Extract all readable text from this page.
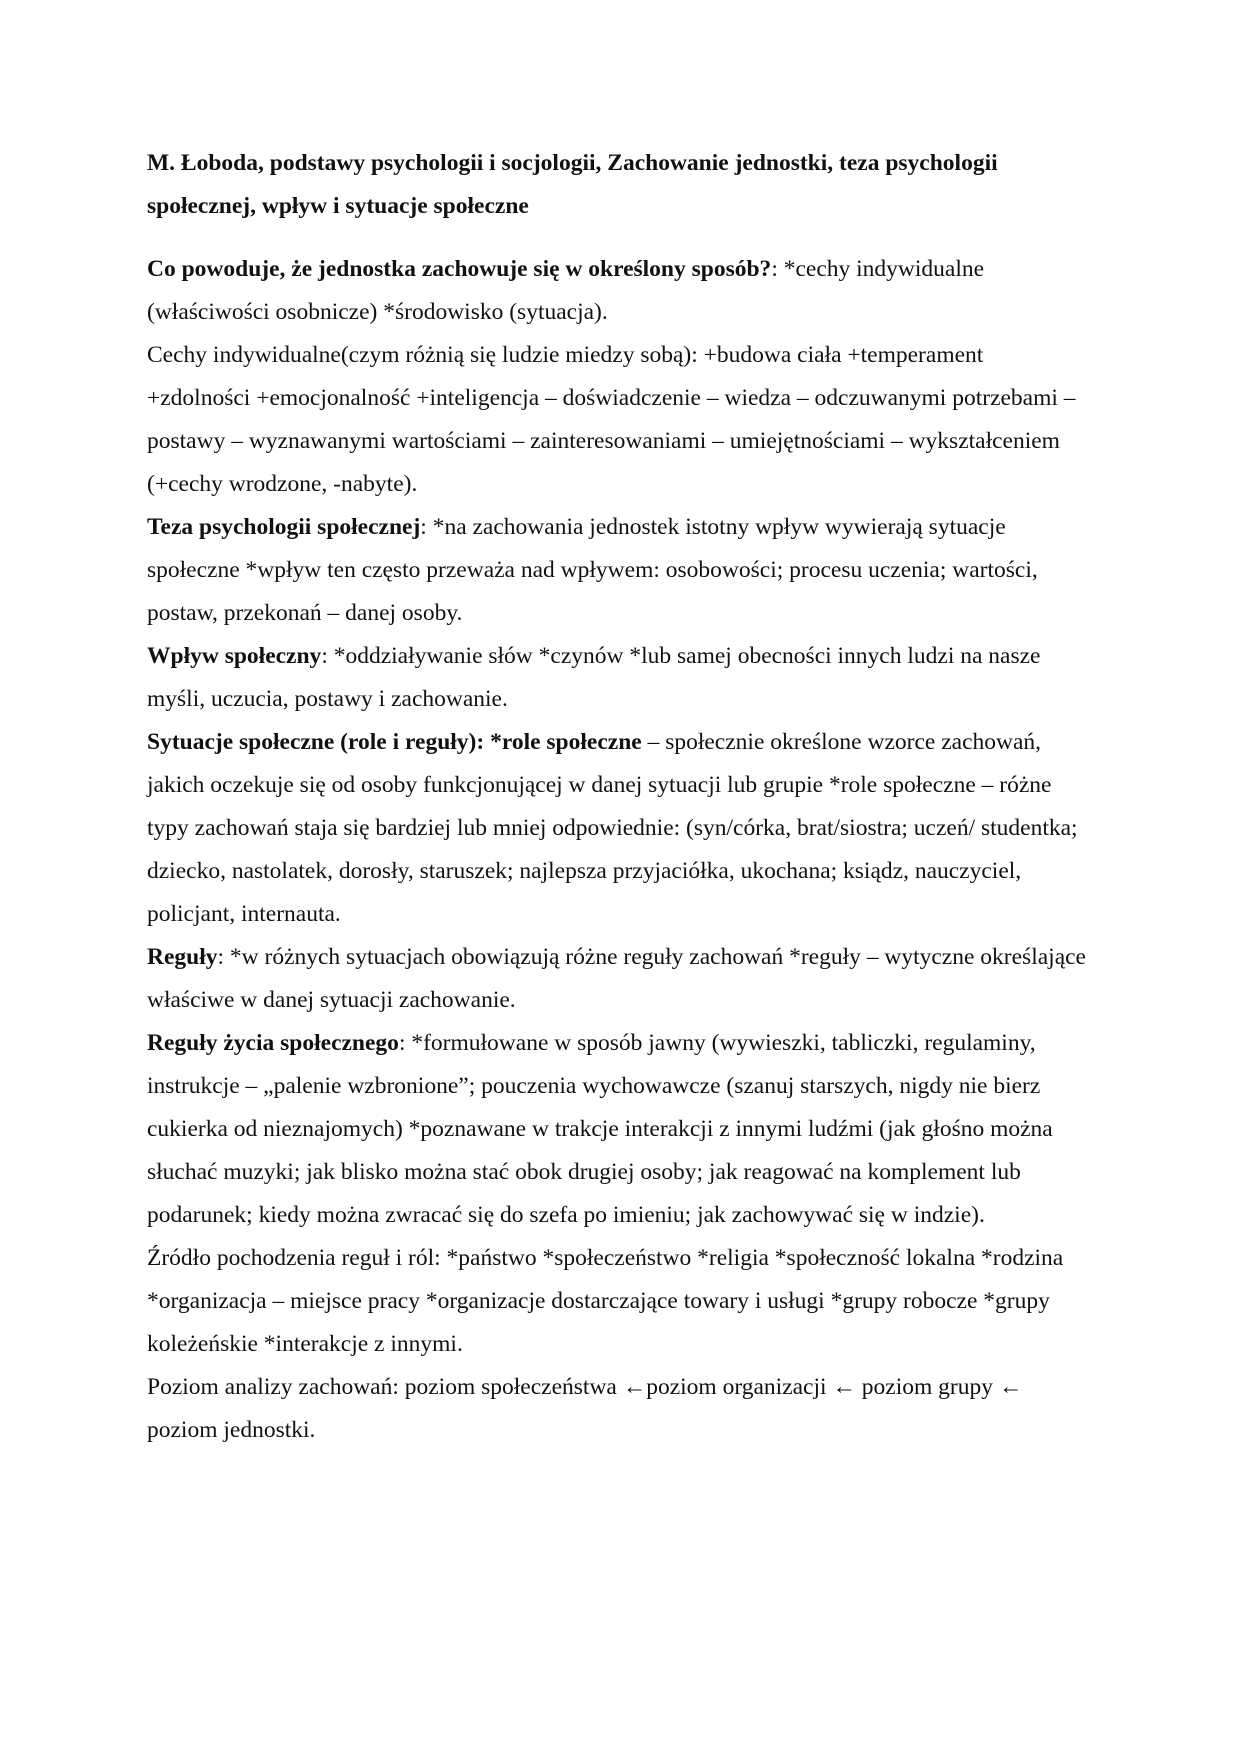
M. Łoboda, podstawy psychologii i socjologii, Zachowanie jednostki, teza psychologii społecznej, wpływ i sytuacje społeczne

Co powoduje, że jednostka zachowuje się w określony sposób?: *cechy indywidualne (właściwości osobnicze) *środowisko (sytuacja).

Cechy indywidualne(czym różnią się ludzie miedzy sobą): +budowa ciała +temperament +zdolności +emocjonalność +inteligencja – doświadczenie – wiedza – odczuwanymi potrzebami – postawy – wyznawanymi wartościami – zainteresowaniami – umiejętnościami – wykształceniem (+cechy wrodzone, -nabyte).

Teza psychologii społecznej: *na zachowania jednostek istotny wpływ wywierają sytuacje społeczne *wpływ ten często przeważa nad wpływem: osobowości; procesu uczenia; wartości, postaw, przekonań – danej osoby.

Wpływ społeczny: *oddziaływanie słów *czynów *lub samej obecności innych ludzi na nasze myśli, uczucia, postawy i zachowanie.

Sytuacje społeczne (role i reguły): *role społeczne – społecznie określone wzorce zachowań, jakich oczekuje się od osoby funkcjonującej w danej sytuacji lub grupie *role społeczne – różne typy zachowań staja się bardziej lub mniej odpowiednie: (syn/córka, brat/siostra; uczeń/ studentka; dziecko, nastolatek, dorosły, staruszek; najlepsza przyjaciółka, ukochana; ksiądz, nauczyciel, policjant, internauta.

Reguły: *w różnych sytuacjach obowiązują różne reguły zachowań *reguły – wytyczne określające właściwe w danej sytuacji zachowanie.

Reguły życia społecznego: *formułowane w sposób jawny (wywieszki, tabliczki, regulaminy, instrukcje – „palenie wzbronione”; pouczenia wychowawcze (szanuj starszych, nigdy nie bierz cukierka od nieznajomych) *poznawane w trakcje interakcji z innymi ludźmi (jak głośno można słuchać muzyki; jak blisko można stać obok drugiej osoby; jak reagować na komplement lub podarunek; kiedy można zwracać się do szefa po imieniu; jak zachowywać się w indzie).

Źródło pochodzenia reguł i ról: *państwo *społeczeństwo *religia *społeczność lokalna *rodzina *organizacja – miejsce pracy *organizacje dostarczające towary i usługi *grupy robocze *grupy koleżeńskie *interakcje z innymi.

Poziom analizy zachowań: poziom społeczeństwa ←poziom organizacji ← poziom grupy ← poziom jednostki.
